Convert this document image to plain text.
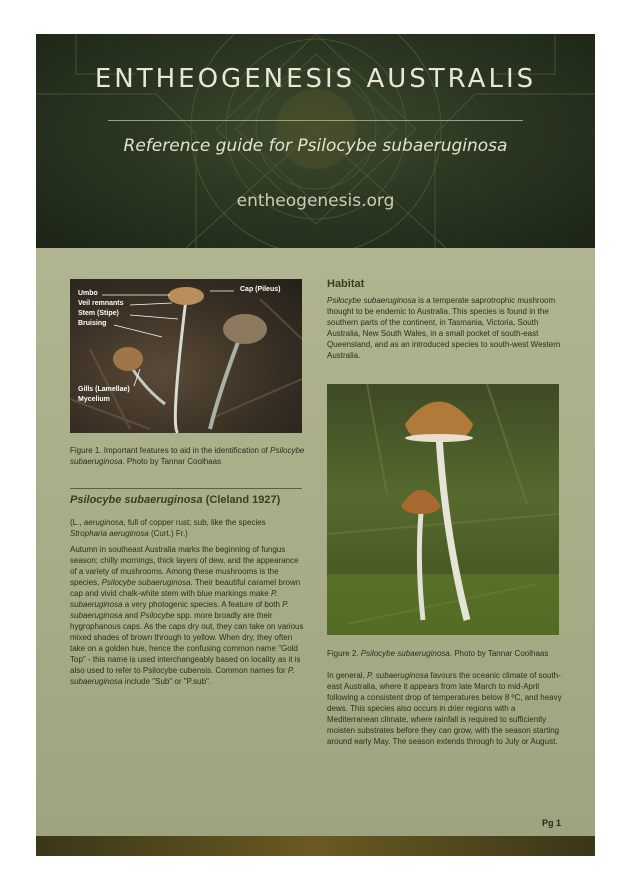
ENTHEOGENESIS AUSTRALIS
Reference guide for Psilocybe subaeruginosa
entheogenesis.org
Umbo
Veil remnants
Stem (Stipe)
Bruising
Cap (Pileus)
Gills (Lamellae)
Mycelium
Figure 1. Important features to aid in the identification of Psilocybe subaeruginosa. Photo by Tannar Coolhaas
Psilocybe subaeruginosa (Cleland 1927)
(L., aeruginosa, full of copper rust; sub, like the species
Stropharia aeruginosa (Curt.) Fr.)
Autumn in southeast Australia marks the beginning of fungus season; chilly mornings, thick layers of dew, and the appearance of a variety of mushrooms. Among these mushrooms is the species, Psilocybe subaeruginosa. Their beautiful caramel brown cap and vivid chalk-white stem with blue markings make P. subaeruginosa a very photogenic species. A feature of both P. subaeruginosa and Psilocybe spp. more broadly are their hygrophanous caps. As the caps dry out, they can take on various mixed shades of brown through to yellow. When dry, they often take on a golden hue, hence the confusing common name "Gold Top" - this name is used interchangeably based on locality as it is also used to refer to Psilocybe cubensis. Common names for P. subaeruginosa include "Sub" or "P.sub".
Habitat
Psilocybe subaeruginosa is a temperate saprotrophic mushroom thought to be endemic to Australia. This species is found in the southern parts of the continent, in Tasmania, Victoria, South Australia, New South Wales, in a small pocket of south-east Queensland, and as an introduced species to south-west Western Australia.
Figure 2. Psilocybe subaeruginosa. Photo by Tannar Coolhaas
In general, P. subaeruginosa favours the oceanic climate of south-east Australia, where it appears from late March to mid-April following a consistent drop of temperatures below 8 ºC, and heavy dews. This species also occurs in drier regions with a Mediterranean climate, where rainfall is required to sufficiently moisten substrates before they can grow, with the season starting around early May. The season extends through to July or August.
Pg 1
